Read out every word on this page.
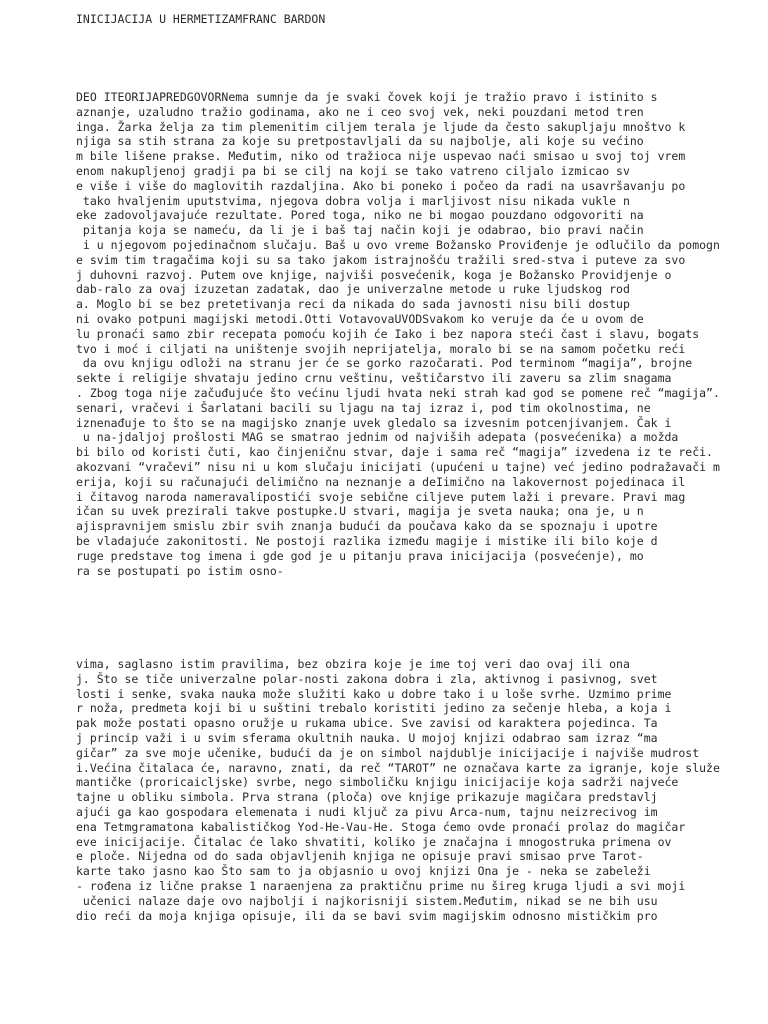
INICIJACIJA U HERMETIZAMFRANC BARDON
DEO ITEORIJAPREDGOVORNema sumnje da je svaki čovek koji je tražio pravo i istinito s
aznanje, uzaludno tražio godinama, ako ne i ceo svoj vek, neki pouzdani metod tren
inga. Žarka želja za tim plemenitim ciljem terala je ljude da često sakupljaju mnoštvo k
njiga sa stih strana za koje su pretpostavljali da su najbolje, ali koje su većino
m bile lišene prakse. Međutim, niko od tražioca nije uspevao naći smisao u svoj toj vrem
enom nakupljenoj gradji pa bi se cilj na koji se tako vatreno ciljalo izmicao sv
e više i više do maglovitih razdaljina. Ako bi poneko i počeo da radi na usavršavanju po
tako hvaljenim uputstvima, njegova dobra volja i marljivost nisu nikada vukle n
eke zadovoljavajuće rezultate. Pored toga, niko ne bi mogao pouzdano odgovoriti na
pitanja koja se nameću, da li je i baš taj način koji je odabrao, bio pravi način
i u njegovom pojedinačnom slučaju. Baš u ovo vreme Božansko Proviđenje je odlučilo da pomogn
e svim tim tragačima koji su sa tako jakom istrajnošću tražili sred-stva i puteve za svo
j duhovni razvoj. Putem ove knjige, najviši posvećenik, koga je Božansko Providjenje o
dab-ralo za ovaj izuzetan zadatak, dao je univerzalne metode u ruke ljudskog rod
a. Moglo bi se bez pretetivanja reci da nikada do sada javnosti nisu bili dostup
ni ovako potpuni magijski metodi.Otti VotavovaUVODSvakom ko veruje da će u ovom de
lu pronaći samo zbir recepata pomoću kojih će Iako i bez napora steći čast i slavu, bogats
tvo i moć i ciljati na uništenje svojih neprijatelja, moralo bi se na samom početku reći
da ovu knjigu odloži na stranu jer će se gorko razočarati. Pod terminom “magija”, brojne
sekte i religije shvataju jedino crnu veštinu, veštičarstvo ili zaveru sa zlim snagama
. Zbog toga nije začuđujuće što većinu ljudi hvata neki strah kad god se pomene reč “magija”.
senari, vračevi i Šarlatani bacili su ljagu na taj izraz i, pod tim okolnostima, ne
iznenađuje to što se na magijsko znanje uvek gledalo sa izvesnim potcenjivanjem. Čak i
u na-jdaljoj prošlosti MAG se smatrao jednim od najviših adepata (posvećenika) a možda
bi bilo od koristi čuti, kao činjeničnu stvar, daje i sama reč “magija” izvedena iz te reči.
akozvani “vračevi” nisu ni u kom slučaju inicijati (upućeni u tajne) već jedino podražavači m
erija, koji su računajući delimično na neznanje a deIimično na lakovernost pojedinaca il
i čitavog naroda nameravalipostići svoje sebične ciljeve putem laži i prevare. Pravi mag
ičan su uvek prezirali takve postupke.U stvari, magija je sveta nauka; ona je, u n
ajispravnijem smislu zbir svih znanja budući da poučava kako da se spoznaju i upotre
be vladajuće zakonitosti. Ne postoji razlika između magije i mistike ili bilo koje d
ruge predstave tog imena i gde god je u pitanju prava inicijacija (posvećenje), mo
ra se postupati po istim osno-
vima, saglasno istim pravilima, bez obzira koje je ime toj veri dao ovaj ili ona
j. Što se tiče univerzalne polar-nosti zakona dobra i zla, aktivnog i pasivnog, svet
losti i senke, svaka nauka može služiti kako u dobre tako i u loše svrhe. Uzmimo prime
r noža, predmeta koji bi u suštini trebalo koristiti jedino za sečenje hleba, a koja i
pak može postati opasno oružje u rukama ubice. Sve zavisi od karaktera pojedinca. Ta
j princip važi i u svim sferama okultnih nauka. U mojoj knjizi odabrao sam izraz “ma
gičar” za sve moje učenike, budući da je on simbol najdublje inicijacije i najviše mudrost
i.Većina čitalaca će, naravno, znati, da reč “TAROT” ne označava karte za igranje, koje služe
mantičke (proricaicljske) svrbe, nego simboličku knjigu inicijacije koja sadrži najveće
tajne u obliku simbola. Prva strana (ploča) ove knjige prikazuje magičara predstavlj
ajući ga kao gospodara elemenata i nudi ključ za pivu Arca-num, tajnu neizrecivog im
ena Tetmgramatona kabalističkog Yod-He-Vau-He. Stoga ćemo ovde pronaći prolaz do magičar
eve inicijacije. Čitalac će lako shvatiti, koliko je značajna i mnogostruka primena ov
e ploče. Nijedna od do sada objavljenih knjiga ne opisuje pravi smisao prve Tarot-
karte tako jasno kao Što sam to ja objasnio u ovoj knjizi Ona je - neka se zabeleži
- rođena iz lične prakse 1 naraenjena za praktičnu prime nu šireg kruga ljudi a svi moji
učenici nalaze daje ovo najbolji i najkorisniji sistem.Međutim, nikad se ne bih usu
dio reći da moja knjiga opisuje, ili da se bavi svim magijskim odnosno mističkim pro
